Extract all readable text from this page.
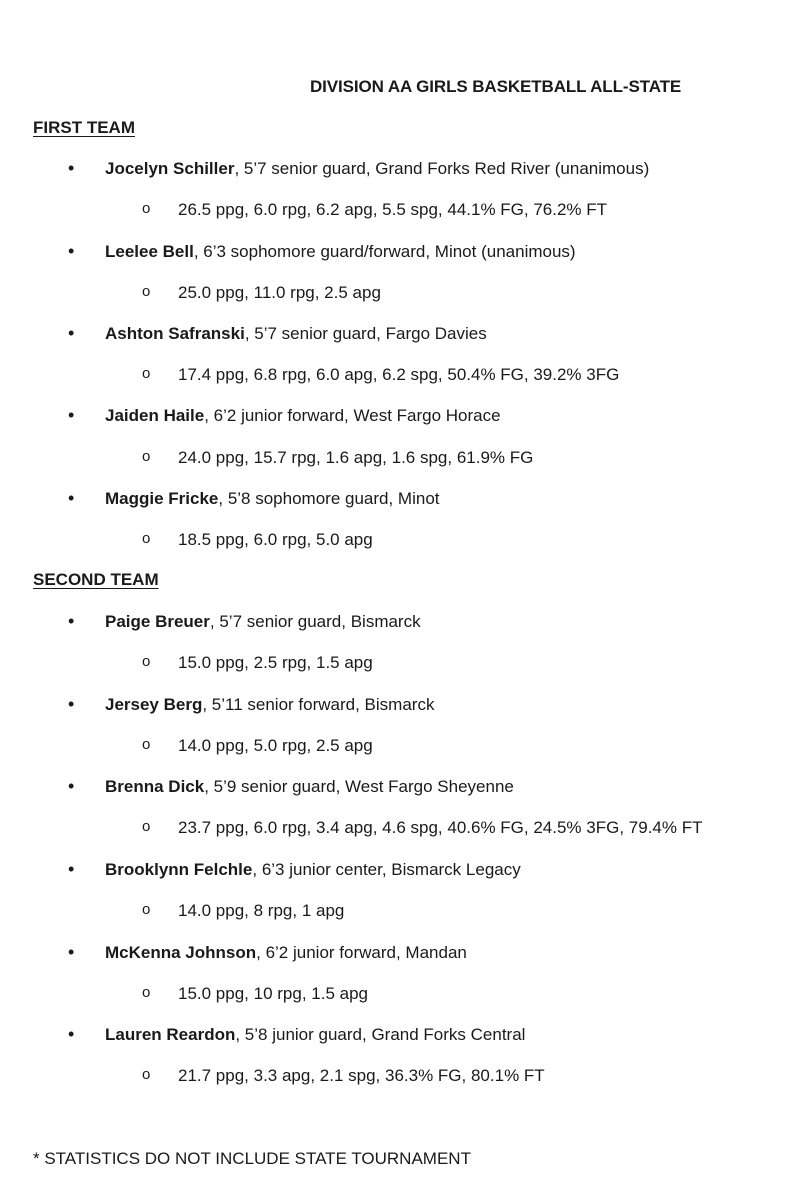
DIVISION AA GIRLS BASKETBALL ALL-STATE
FIRST TEAM
• Jocelyn Schiller, 5’7 senior guard, Grand Forks Red River (unanimous)
o 26.5 ppg, 6.0 rpg, 6.2 apg, 5.5 spg, 44.1% FG, 76.2% FT
• Leelee Bell, 6’3 sophomore guard/forward, Minot (unanimous)
o 25.0 ppg, 11.0 rpg, 2.5 apg
• Ashton Safranski, 5’7 senior guard, Fargo Davies
o 17.4 ppg, 6.8 rpg, 6.0 apg, 6.2 spg, 50.4% FG, 39.2% 3FG
• Jaiden Haile, 6’2 junior forward, West Fargo Horace
o 24.0 ppg, 15.7 rpg, 1.6 apg, 1.6 spg, 61.9% FG
• Maggie Fricke, 5’8 sophomore guard, Minot
o 18.5 ppg, 6.0 rpg, 5.0 apg
SECOND TEAM
• Paige Breuer, 5’7 senior guard, Bismarck
o 15.0 ppg, 2.5 rpg, 1.5 apg
• Jersey Berg, 5’11 senior forward, Bismarck
o 14.0 ppg, 5.0 rpg, 2.5 apg
• Brenna Dick, 5’9 senior guard, West Fargo Sheyenne
o 23.7 ppg, 6.0 rpg, 3.4 apg, 4.6 spg, 40.6% FG, 24.5% 3FG, 79.4% FT
• Brooklynn Felchle, 6’3 junior center, Bismarck Legacy
o 14.0 ppg, 8 rpg, 1 apg
• McKenna Johnson, 6’2 junior forward, Mandan
o 15.0 ppg, 10 rpg, 1.5 apg
• Lauren Reardon, 5’8 junior guard, Grand Forks Central
o 21.7 ppg, 3.3 apg, 2.1 spg, 36.3% FG, 80.1% FT
* STATISTICS DO NOT INCLUDE STATE TOURNAMENT
